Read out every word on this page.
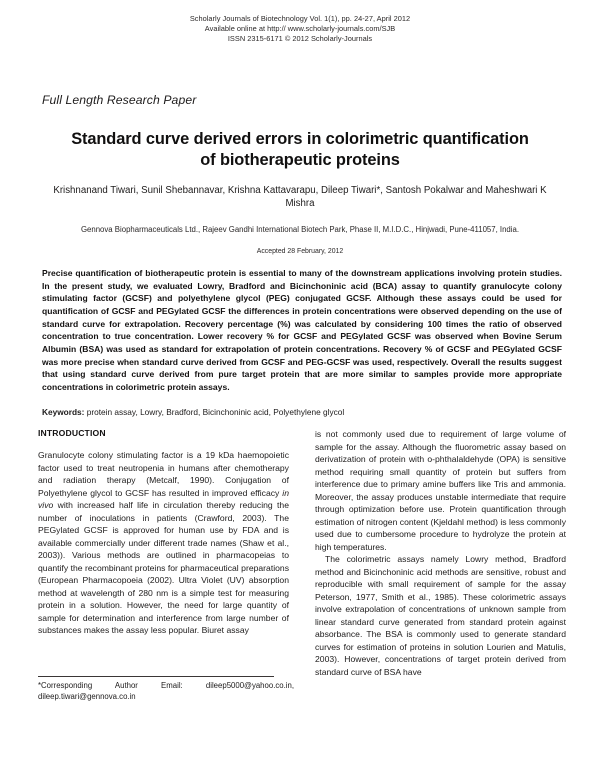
Scholarly Journals of Biotechnology Vol. 1(1), pp. 24-27, April 2012
Available online at http:// www.scholarly-journals.com/SJB
ISSN 2315-6171 © 2012 Scholarly-Journals
Full Length Research Paper
Standard curve derived errors in colorimetric quantification of biotherapeutic proteins
Krishnanand Tiwari, Sunil Shebannavar, Krishna Kattavarapu, Dileep Tiwari*, Santosh Pokalwar and Maheshwari K Mishra
Gennova Biopharmaceuticals Ltd., Rajeev Gandhi International Biotech Park, Phase II, M.I.D.C., Hinjwadi, Pune-411057, India.
Accepted 28 February, 2012
Precise quantification of biotherapeutic protein is essential to many of the downstream applications involving protein studies. In the present study, we evaluated Lowry, Bradford and Bicinchoninic acid (BCA) assay to quantify granulocyte colony stimulating factor (GCSF) and polyethylene glycol (PEG) conjugated GCSF. Although these assays could be used for quantification of GCSF and PEGylated GCSF the differences in protein concentrations were observed depending on the use of standard curve for extrapolation. Recovery percentage (%) was calculated by considering 100 times the ratio of observed concentration to true concentration. Lower recovery % for GCSF and PEGylated GCSF was observed when Bovine Serum Albumin (BSA) was used as standard for extrapolation of protein concentrations. Recovery % of GCSF and PEGylated GCSF was more precise when standard curve derived from GCSF and PEG-GCSF was used, respectively. Overall the results suggest that using standard curve derived from pure target protein that are more similar to samples provide more appropriate concentrations in colorimetric protein assays.
Keywords: protein assay, Lowry, Bradford, Bicinchoninic acid, Polyethylene glycol
INTRODUCTION

Granulocyte colony stimulating factor is a 19 kDa haemopoietic factor used to treat neutropenia in humans after chemotherapy and radiation therapy (Metcalf, 1990). Conjugation of Polyethylene glycol to GCSF has resulted in improved efficacy in vivo with increased half life in circulation thereby reducing the number of inoculations in patients (Crawford, 2003). The PEGylated GCSF is approved for human use by FDA and is available commercially under different trade names (Shaw et al., 2003)). Various methods are outlined in pharmacopeias to quantify the recombinant proteins for pharmaceutical preparations (European Pharmacopoeia (2002). Ultra Violet (UV) absorption method at wavelength of 280 nm is a simple test for measuring protein in a solution. However, the need for large quantity of sample for determination and interference from large number of substances makes the assay less popular. Biuret assay

is not commonly used due to requirement of large volume of sample for the assay. Although the fluorometric assay based on derivatization of protein with o-phthalaldehyde (OPA) is sensitive method requiring small quantity of protein but suffers from interference due to primary amine buffers like Tris and ammonia. Moreover, the assay produces unstable intermediate that require through optimization before use. Protein quantification through estimation of nitrogen content (Kjeldahl method) is less commonly used due to cumbersome procedure to hydrolyze the protein at high temperatures.

The colorimetric assays namely Lowry method, Bradford method and Bicinchoninic acid methods are sensitive, robust and reproducible with small requirement of sample for the assay Peterson, 1977, Smith et al., 1985). These colorimetric assays involve extrapolation of concentrations of unknown sample from linear standard curve generated from standard protein against absorbance. The BSA is commonly used to generate standard curves for estimation of proteins in solution Lourien and Matulis, 2003). However, concentrations of target protein derived from standard curve of BSA have

*Corresponding Author Email: dileep5000@yahoo.co.in, dileep.tiwari@gennova.co.in
